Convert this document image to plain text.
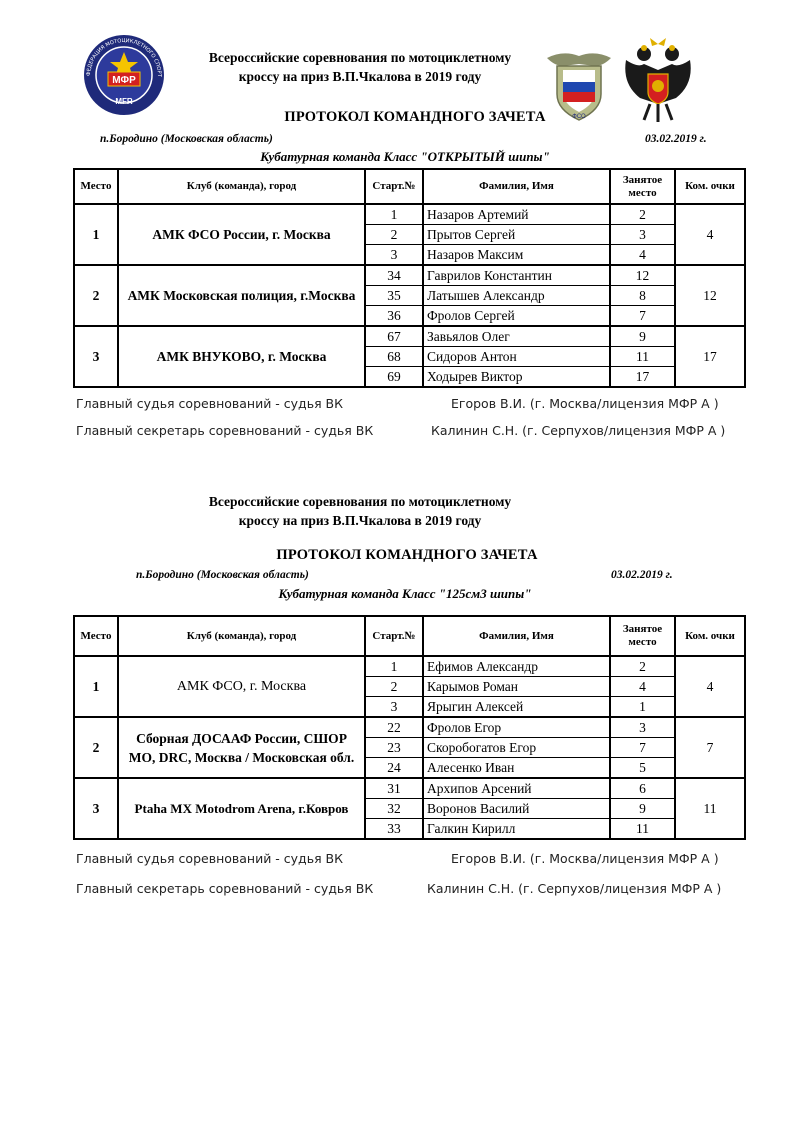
ФЕДЕРАЦИЯ МОТОЦИКЛЕТНОГО СПОРТ
МФР
MFR
Всероссийские соревнования по мотоциклетному
кроссу на приз В.П.Чкалова в 2019 году
ФСО
ПРОТОКОЛ КОМАНДНОГО ЗАЧЕТА
п.Бородино (Московская область)	03.02.2019 г.
Кубатурная команда Класс "ОТКРЫТЫЙ шипы"
Место	Клуб (команда), город	Старт.№	Фамилия, Имя	Занятое место	Ком. очки
1	АМК ФСО России, г. Москва	1	Назаров Артемий	2	4
		2	Прытов Сергей	3	
		3	Назаров Максим	4	
2	АМК Московская полиция, г.Москва	34	Гаврилов Константин	12	12
		35	Латышев Александр	8	
		36	Фролов Сергей	7	
3	АМК ВНУКОВО, г. Москва	67	Завьялов Олег	9	17
		68	Сидоров Антон	11	
		69	Ходырев Виктор	17	
Главный судья соревнований - судья ВК	Егоров В.И. (г. Москва/лицензия МФР А )
Главный секретарь соревнований - судья ВК	Калинин С.Н. (г. Серпухов/лицензия МФР А )
Всероссийские соревнования по мотоциклетному
кроссу на приз В.П.Чкалова в 2019 году
ПРОТОКОЛ КОМАНДНОГО ЗАЧЕТА
п.Бородино (Московская область)	03.02.2019 г.
Кубатурная команда Класс "125см3 шипы"
Место	Клуб (команда), город	Старт.№	Фамилия, Имя	Занятое место	Ком. очки
1	АМК ФСО, г. Москва	1	Ефимов Александр	2	4
		2	Карымов Роман	4	
		3	Ярыгин Алексей	1	
2	Сборная ДОСААФ России, СШОР МО, DRC, Москва / Московская обл.	22	Фролов Егор	3	7
		23	Скоробогатов Егор	7	
		24	Алесенко Иван	5	
3	Ptaha MX Motodrom Arena, г.Ковров	31	Архипов Арсений	6	11
		32	Воронов Василий	9	
		33	Галкин Кирилл	11	
Главный судья соревнований - судья ВК	Егоров В.И. (г. Москва/лицензия МФР А )
Главный секретарь соревнований - судья ВК	Калинин С.Н. (г. Серпухов/лицензия МФР А )
